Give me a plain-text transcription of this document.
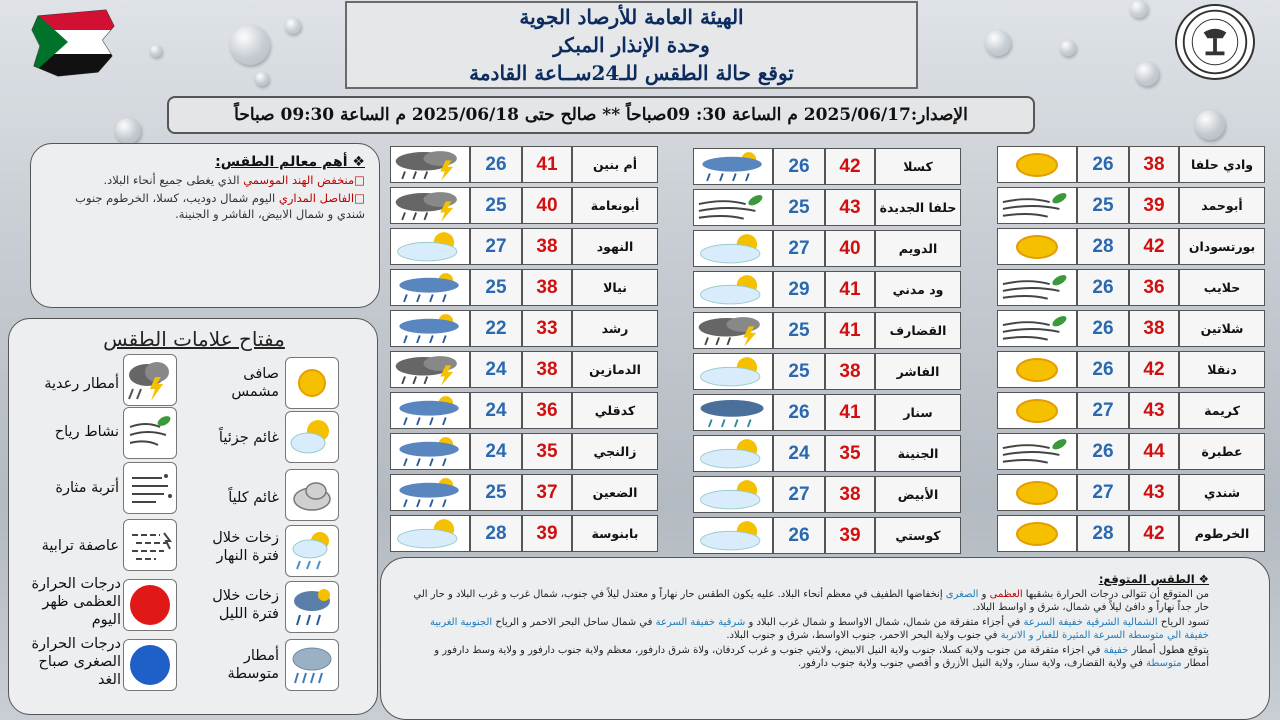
الهيئة العامة للأرصاد الجوية
وحدة الإنذار المبكر
توقع حالة الطقس للـ24ســاعة القادمة
الإصدار:2025/06/17 م الساعة 30: 09صباحاً ** صالح حتى 2025/06/18 م الساعة 09:30 صباحاً
❖ أهم معالم الطقس:

□منخفض الهند الموسمي الذي يغطى جميع أنحاء البلاد.

□الفاصل المداري اليوم شمال دوديب، كسلا، الخرطوم جنوب شندي و شمال الابيض، الفاشر و الجنينة.

مفتاح علامات الطقس
صافى مشمس
أمطار رعدية
غائم جزئياً
نشاط رياح
غائم كلياً
أتربة مثارة
زخات خلال فترة النهار
عاصفة ترابية
زخات خلال فترة الليل
درجات الحرارة العظمى ظهر اليوم
أمطار متوسطة
درجات الحرارة الصغرى صباح الغد
26	38	وادي حلفا
25	39	أبوحمد
28	42	بورتسودان
26	36	حلايب
26	38	شلاتين
26	42	دنقلا
27	43	كريمة
26	44	عطبرة
27	43	شندي
28	42	الخرطوم
26	42	كسلا
25	43	حلفا الجديدة
27	40	الدويم
29	41	ود مدني
25	41	القضارف
25	38	الفاشر
26	41	سنار
24	35	الجنينة
27	38	الأبيض
26	39	كوستي
26	41	أم بنين
25	40	أبونعامة
27	38	النهود
25	38	نيالا
22	33	رشد
24	38	الدمازين
24	36	كدقلي
24	35	زالنجي
25	37	الضعين
28	39	بابنوسة
❖ الطقس المتوقع:

من المتوقع أن تتوالى درجات الحرارة بشقيها العظمى و الصغرى إنخفاضها الطفيف في معظم أنحاء البلاد. عليه يكون الطقس حار نهاراً و معتدل ليلاً في جنوب، شمال غرب و غرب البلاد و حار الي حار جداً نهاراً و دافئ ليلاً في شمال، شرق و اواسط البلاد.

تسود الرياح الشمالية الشرقية خفيفة السرعة في أجزاء متفرقة من شمال، شمال الاواسط و شمال غرب البلاد و شرقية خفيفة السرعة في شمال ساحل البحر الاحمر و الرياح الجنوبية الغربية خفيفة الي متوسطة السرعة المثيرة للغبار و الاتربة في جنوب ولاية البحر الاحمر، جنوب الاواسط، شرق و جنوب البلاد.

يتوقع هطول أمطار خفيفة في اجزاء متفرقة من جنوب ولاية كسلا، جنوب ولاية النيل الابيض، ولايتي جنوب و غرب كردفان، ولاة شرق دارفور، معظم ولاية جنوب دارفور و ولاية وسط دارفور و أمطار متوسطة في ولاية القضارف، ولاية سنار، ولاية النيل الأزرق و أقصي جنوب ولاية جنوب دارفور.
